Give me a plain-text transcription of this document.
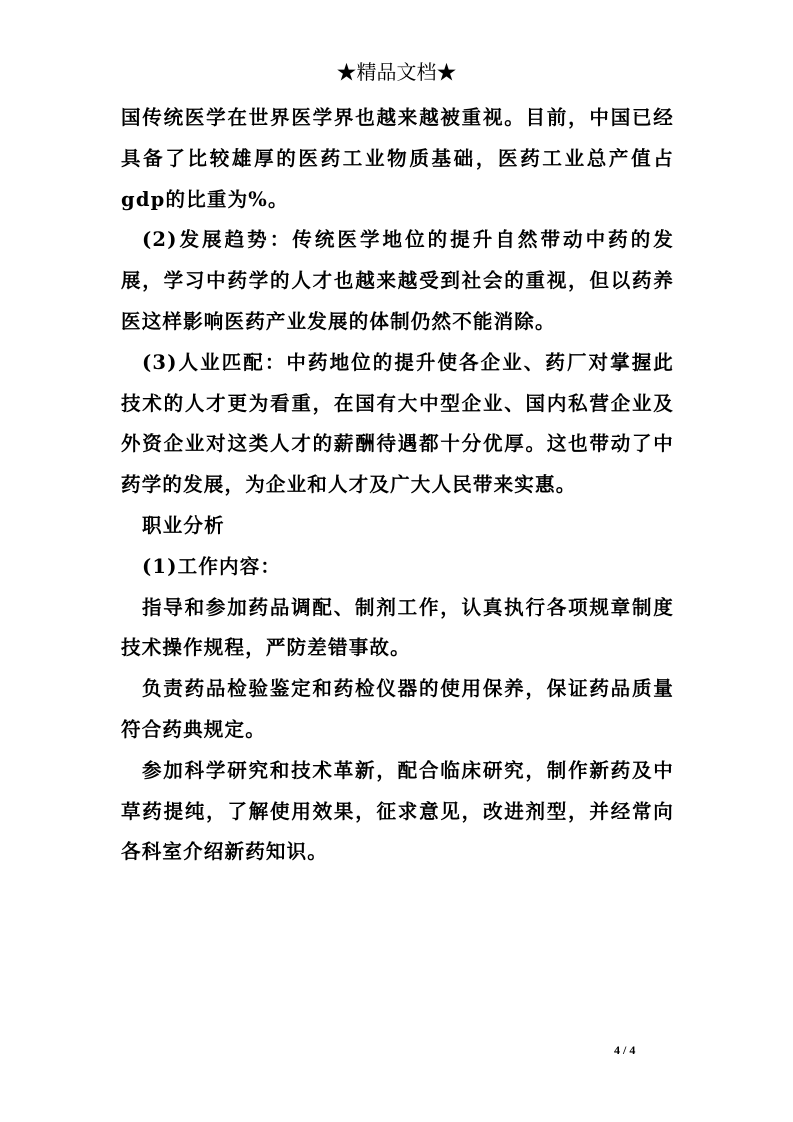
★精品文档★

国传统医学在世界医学界也越来越被重视。目前，中国已经具备了比较雄厚的医药工业物质基础，医药工业总产值占gdp的比重为%。

(2)发展趋势：传统医学地位的提升自然带动中药的发展，学习中药学的人才也越来越受到社会的重视，但以药养医这样影响医药产业发展的体制仍然不能消除。

(3)人业匹配：中药地位的提升使各企业、药厂对掌握此技术的人才更为看重，在国有大中型企业、国内私营企业及外资企业对这类人才的薪酬待遇都十分优厚。这也带动了中药学的发展，为企业和人才及广大人民带来实惠。

职业分析

(1)工作内容：

指导和参加药品调配、制剂工作，认真执行各项规章制度技术操作规程，严防差错事故。

负责药品检验鉴定和药检仪器的使用保养，保证药品质量符合药典规定。

参加科学研究和技术革新，配合临床研究，制作新药及中草药提纯，了解使用效果，征求意见，改进剂型，并经常向各科室介绍新药知识。

4 / 4
